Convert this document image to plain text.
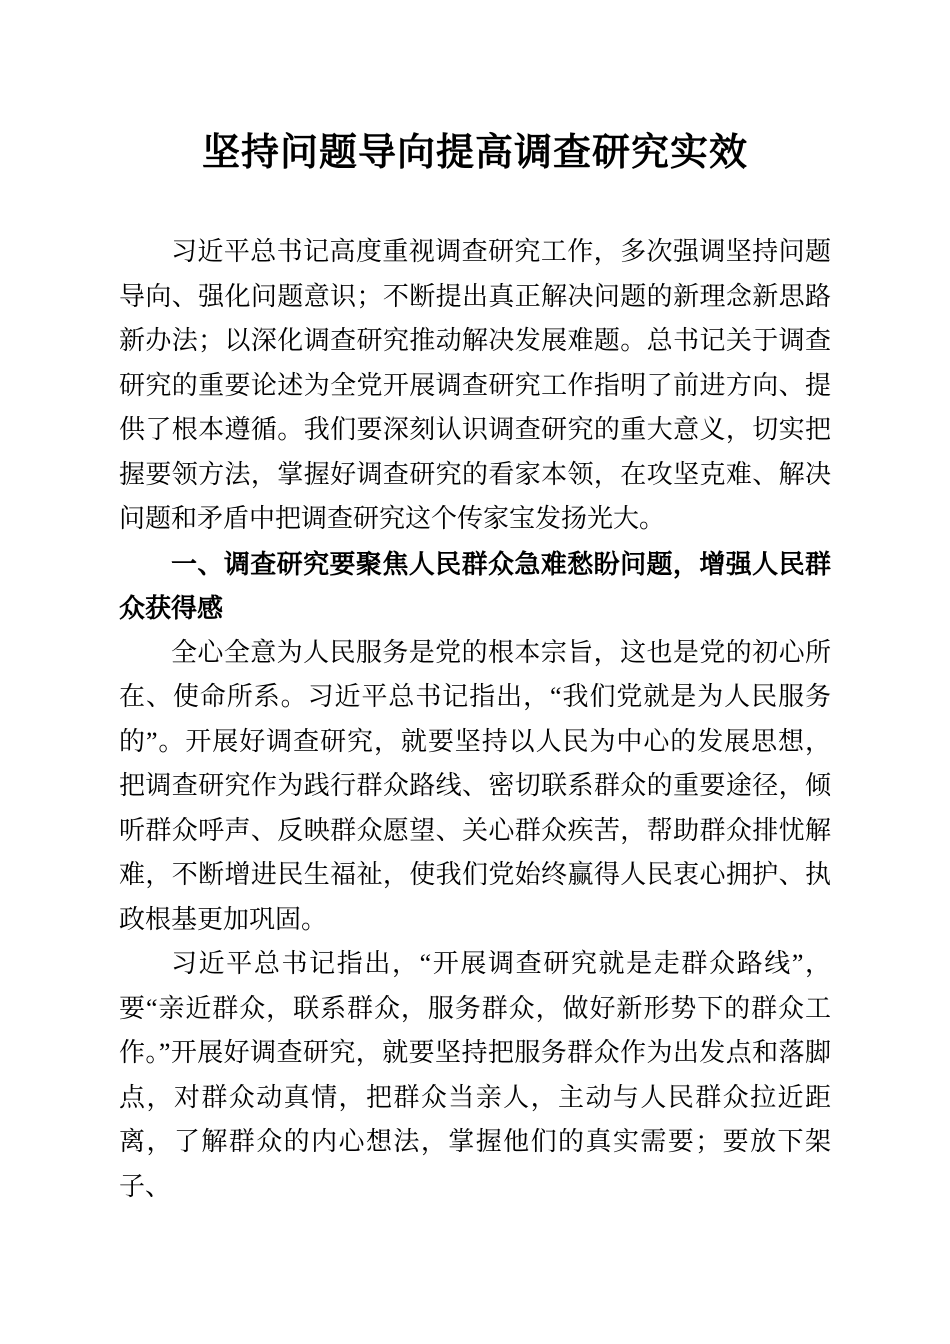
坚持问题导向提高调查研究实效

习近平总书记高度重视调查研究工作，多次强调坚持问题导向、强化问题意识；不断提出真正解决问题的新理念新思路新办法；以深化调查研究推动解决发展难题。总书记关于调查研究的重要论述为全党开展调查研究工作指明了前进方向、提供了根本遵循。我们要深刻认识调查研究的重大意义，切实把握要领方法，掌握好调查研究的看家本领，在攻坚克难、解决问题和矛盾中把调查研究这个传家宝发扬光大。

一、调查研究要聚焦人民群众急难愁盼问题，增强人民群众获得感

全心全意为人民服务是党的根本宗旨，这也是党的初心所在、使命所系。习近平总书记指出，“我们党就是为人民服务的”。开展好调查研究，就要坚持以人民为中心的发展思想，把调查研究作为践行群众路线、密切联系群众的重要途径，倾听群众呼声、反映群众愿望、关心群众疾苦，帮助群众排忧解难，不断增进民生福祉，使我们党始终赢得人民衷心拥护、执政根基更加巩固。

习近平总书记指出，“开展调查研究就是走群众路线”，要“亲近群众，联系群众，服务群众，做好新形势下的群众工作。”开展好调查研究，就要坚持把服务群众作为出发点和落脚点，对群众动真情，把群众当亲人，主动与人民群众拉近距离，了解群众的内心想法，掌握他们的真实需要；要放下架子、
